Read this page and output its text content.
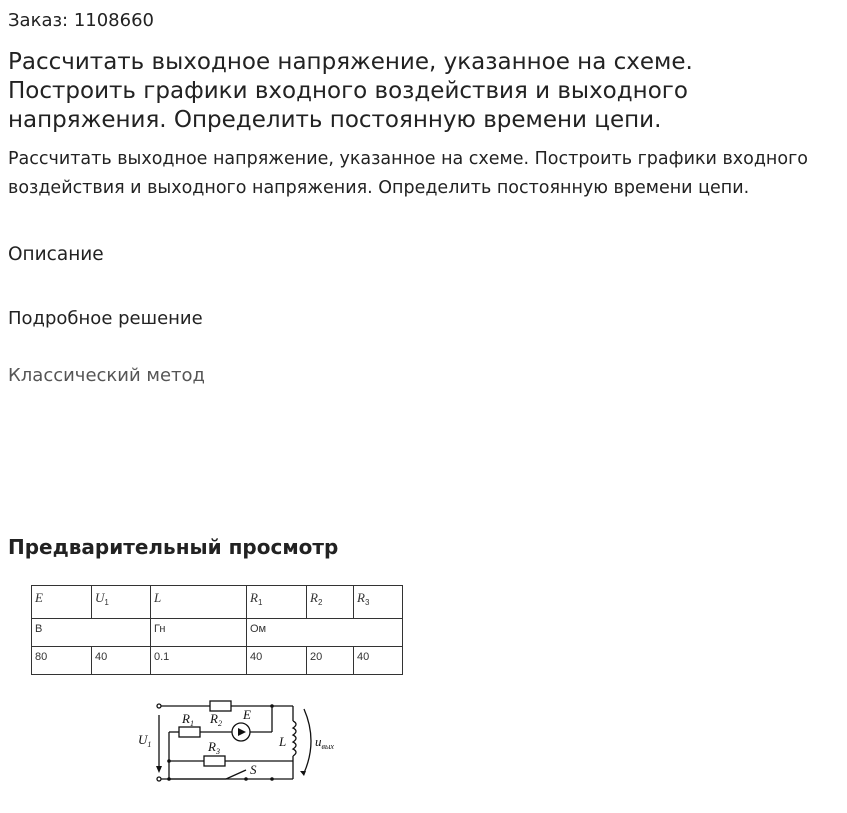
Заказ: 1108660
Рассчитать выходное напряжение, указанное на схеме. Построить графики входного воздействия и выходного напряжения. Определить постоянную времени цепи.
Рассчитать выходное напряжение, указанное на схеме. Построить графики входного воздействия и выходного напряжения. Определить постоянную времени цепи.
Описание
Подробное решение
Классический метод
Предварительный просмотр
E	$U_1$	L	$R_1$	$R_2$	$R_3$
В		Гн	Ом		
80	40	0.1	40	20	40
$U_1$
$R_1$ $R_2$
E
$R_3$
S
L $u_{вых}$
